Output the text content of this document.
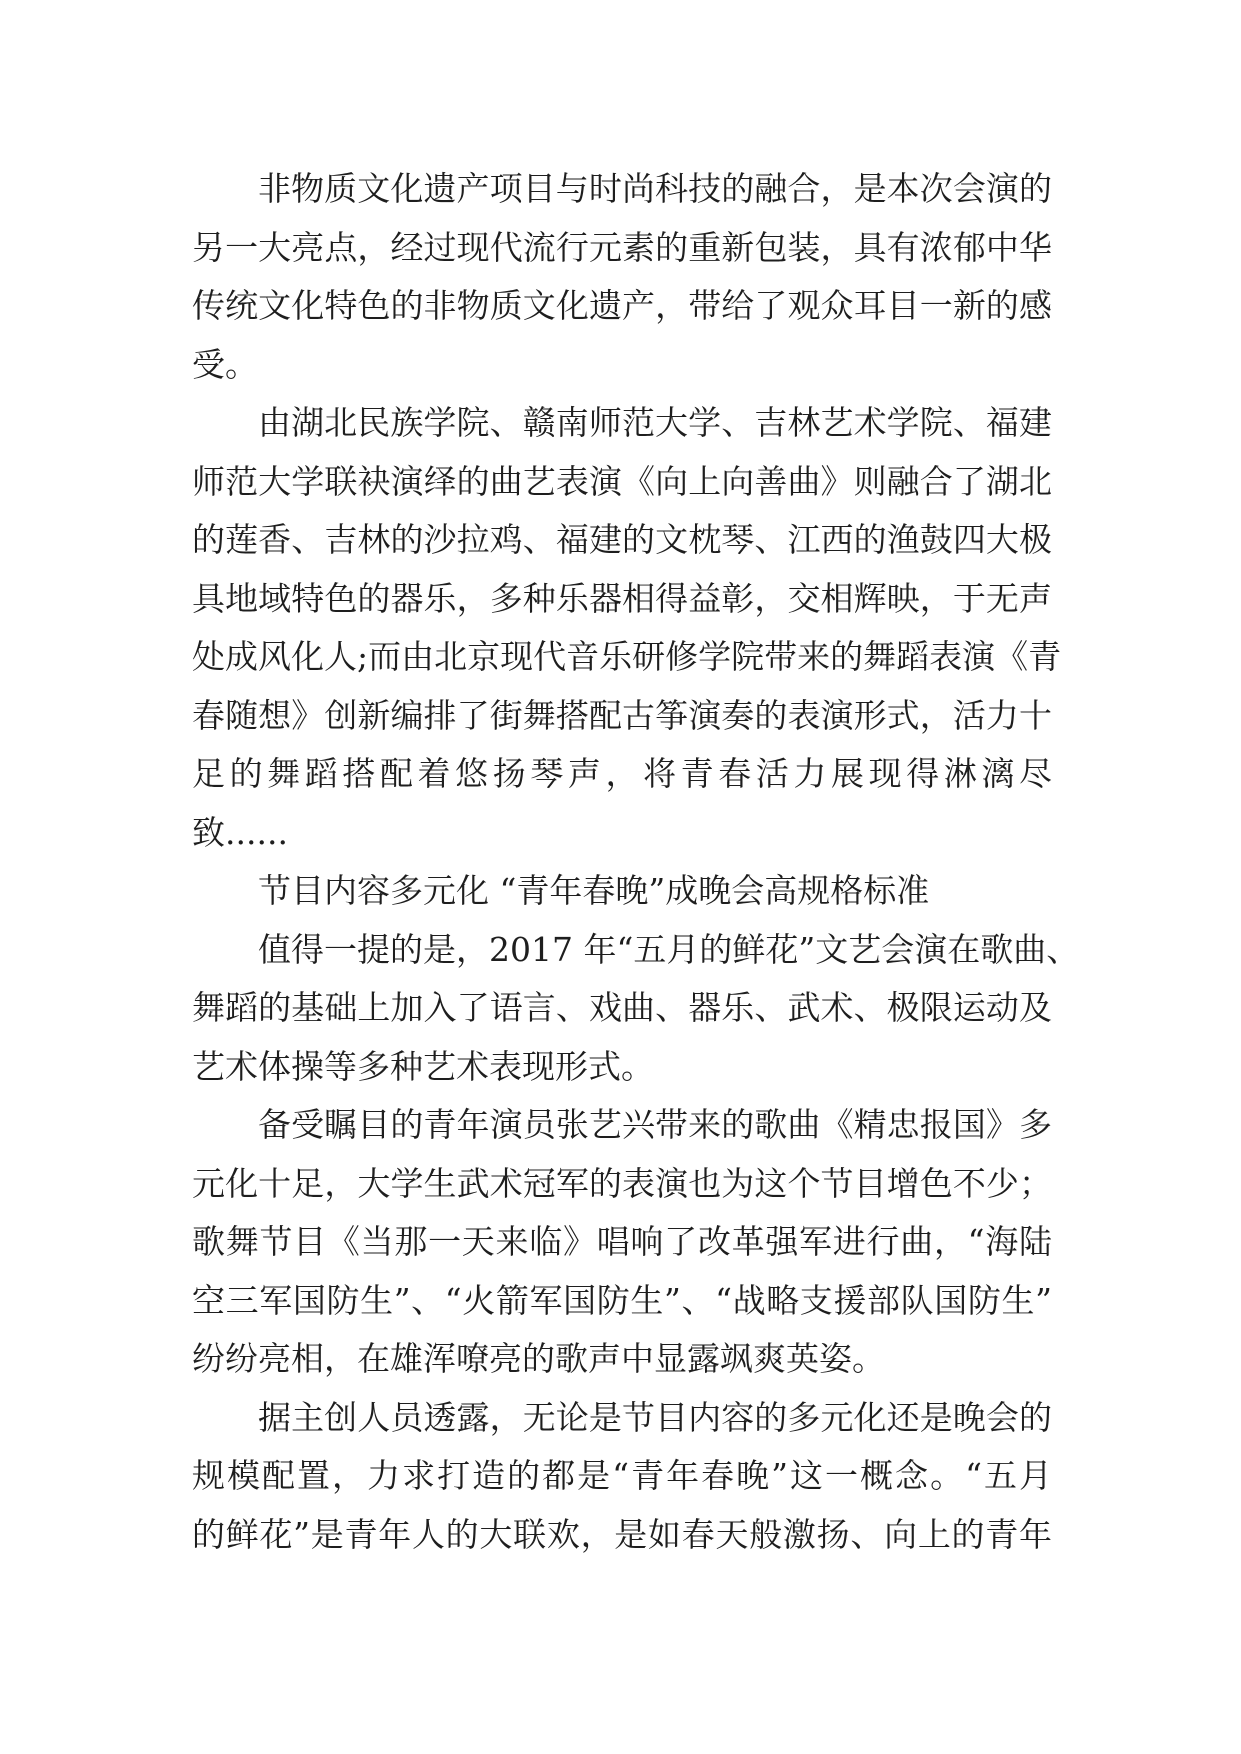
非物质文化遗产项目与时尚科技的融合，是本次会演的
另一大亮点，经过现代流行元素的重新包装，具有浓郁中华
传统文化特色的非物质文化遗产，带给了观众耳目一新的感
受。
由湖北民族学院、赣南师范大学、吉林艺术学院、福建
师范大学联袂演绎的曲艺表演《向上向善曲》则融合了湖北
的莲香、吉林的沙拉鸡、福建的文枕琴、江西的渔鼓四大极
具地域特色的器乐，多种乐器相得益彰，交相辉映，于无声
处成风化人;而由北京现代音乐研修学院带来的舞蹈表演《青
春随想》创新编排了街舞搭配古筝演奏的表演形式，活力十
足的舞蹈搭配着悠扬琴声，将青春活力展现得淋漓尽
致......
节目内容多元化 “青年春晚”成晚会高规格标准
值得一提的是，2017 年“五月的鲜花”文艺会演在歌曲、
舞蹈的基础上加入了语言、戏曲、器乐、武术、极限运动及
艺术体操等多种艺术表现形式。
备受瞩目的青年演员张艺兴带来的歌曲《精忠报国》多
元化十足，大学生武术冠军的表演也为这个节目增色不少；
歌舞节目《当那一天来临》唱响了改革强军进行曲，“海陆
空三军国防生”、“火箭军国防生”、“战略支援部队国防生”
纷纷亮相，在雄浑嘹亮的歌声中显露飒爽英姿。
据主创人员透露，无论是节目内容的多元化还是晚会的
规模配置，力求打造的都是“青年春晚”这一概念。“五月
的鲜花”是青年人的大联欢，是如春天般激扬、向上的青年
